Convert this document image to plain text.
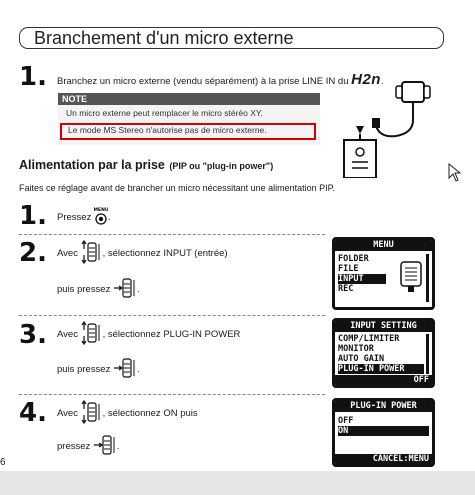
Branchement d'un micro externe
1. Branchez un micro externe (vendu séparément) à la prise LINE IN du H2n.
NOTE
Un micro externe peut remplacer le micro stéréo XY.
Le mode MS Stereo n'autorise pas de micro externe.
Alimentation par la prise (PIP ou "plug-in power")
Faites ce réglage avant de brancher un micro nécessitant une alimentation PIP.
1. Pressez
MENU
.
2. Avec	, sélectionnez INPUT (entrée)
puis pressez	.
MENU
FOLDER
FILE
INPUT
REC
3. Avec	, sélectionnez PLUG-IN POWER
puis pressez	.
INPUT SETTING
COMP/LIMITER
MONITOR
AUTO GAIN
PLUG-IN POWER
OFF
4. Avec	, sélectionnez ON puis
pressez	.
PLUG-IN POWER
OFF
ON
CANCEL:MENU
6
